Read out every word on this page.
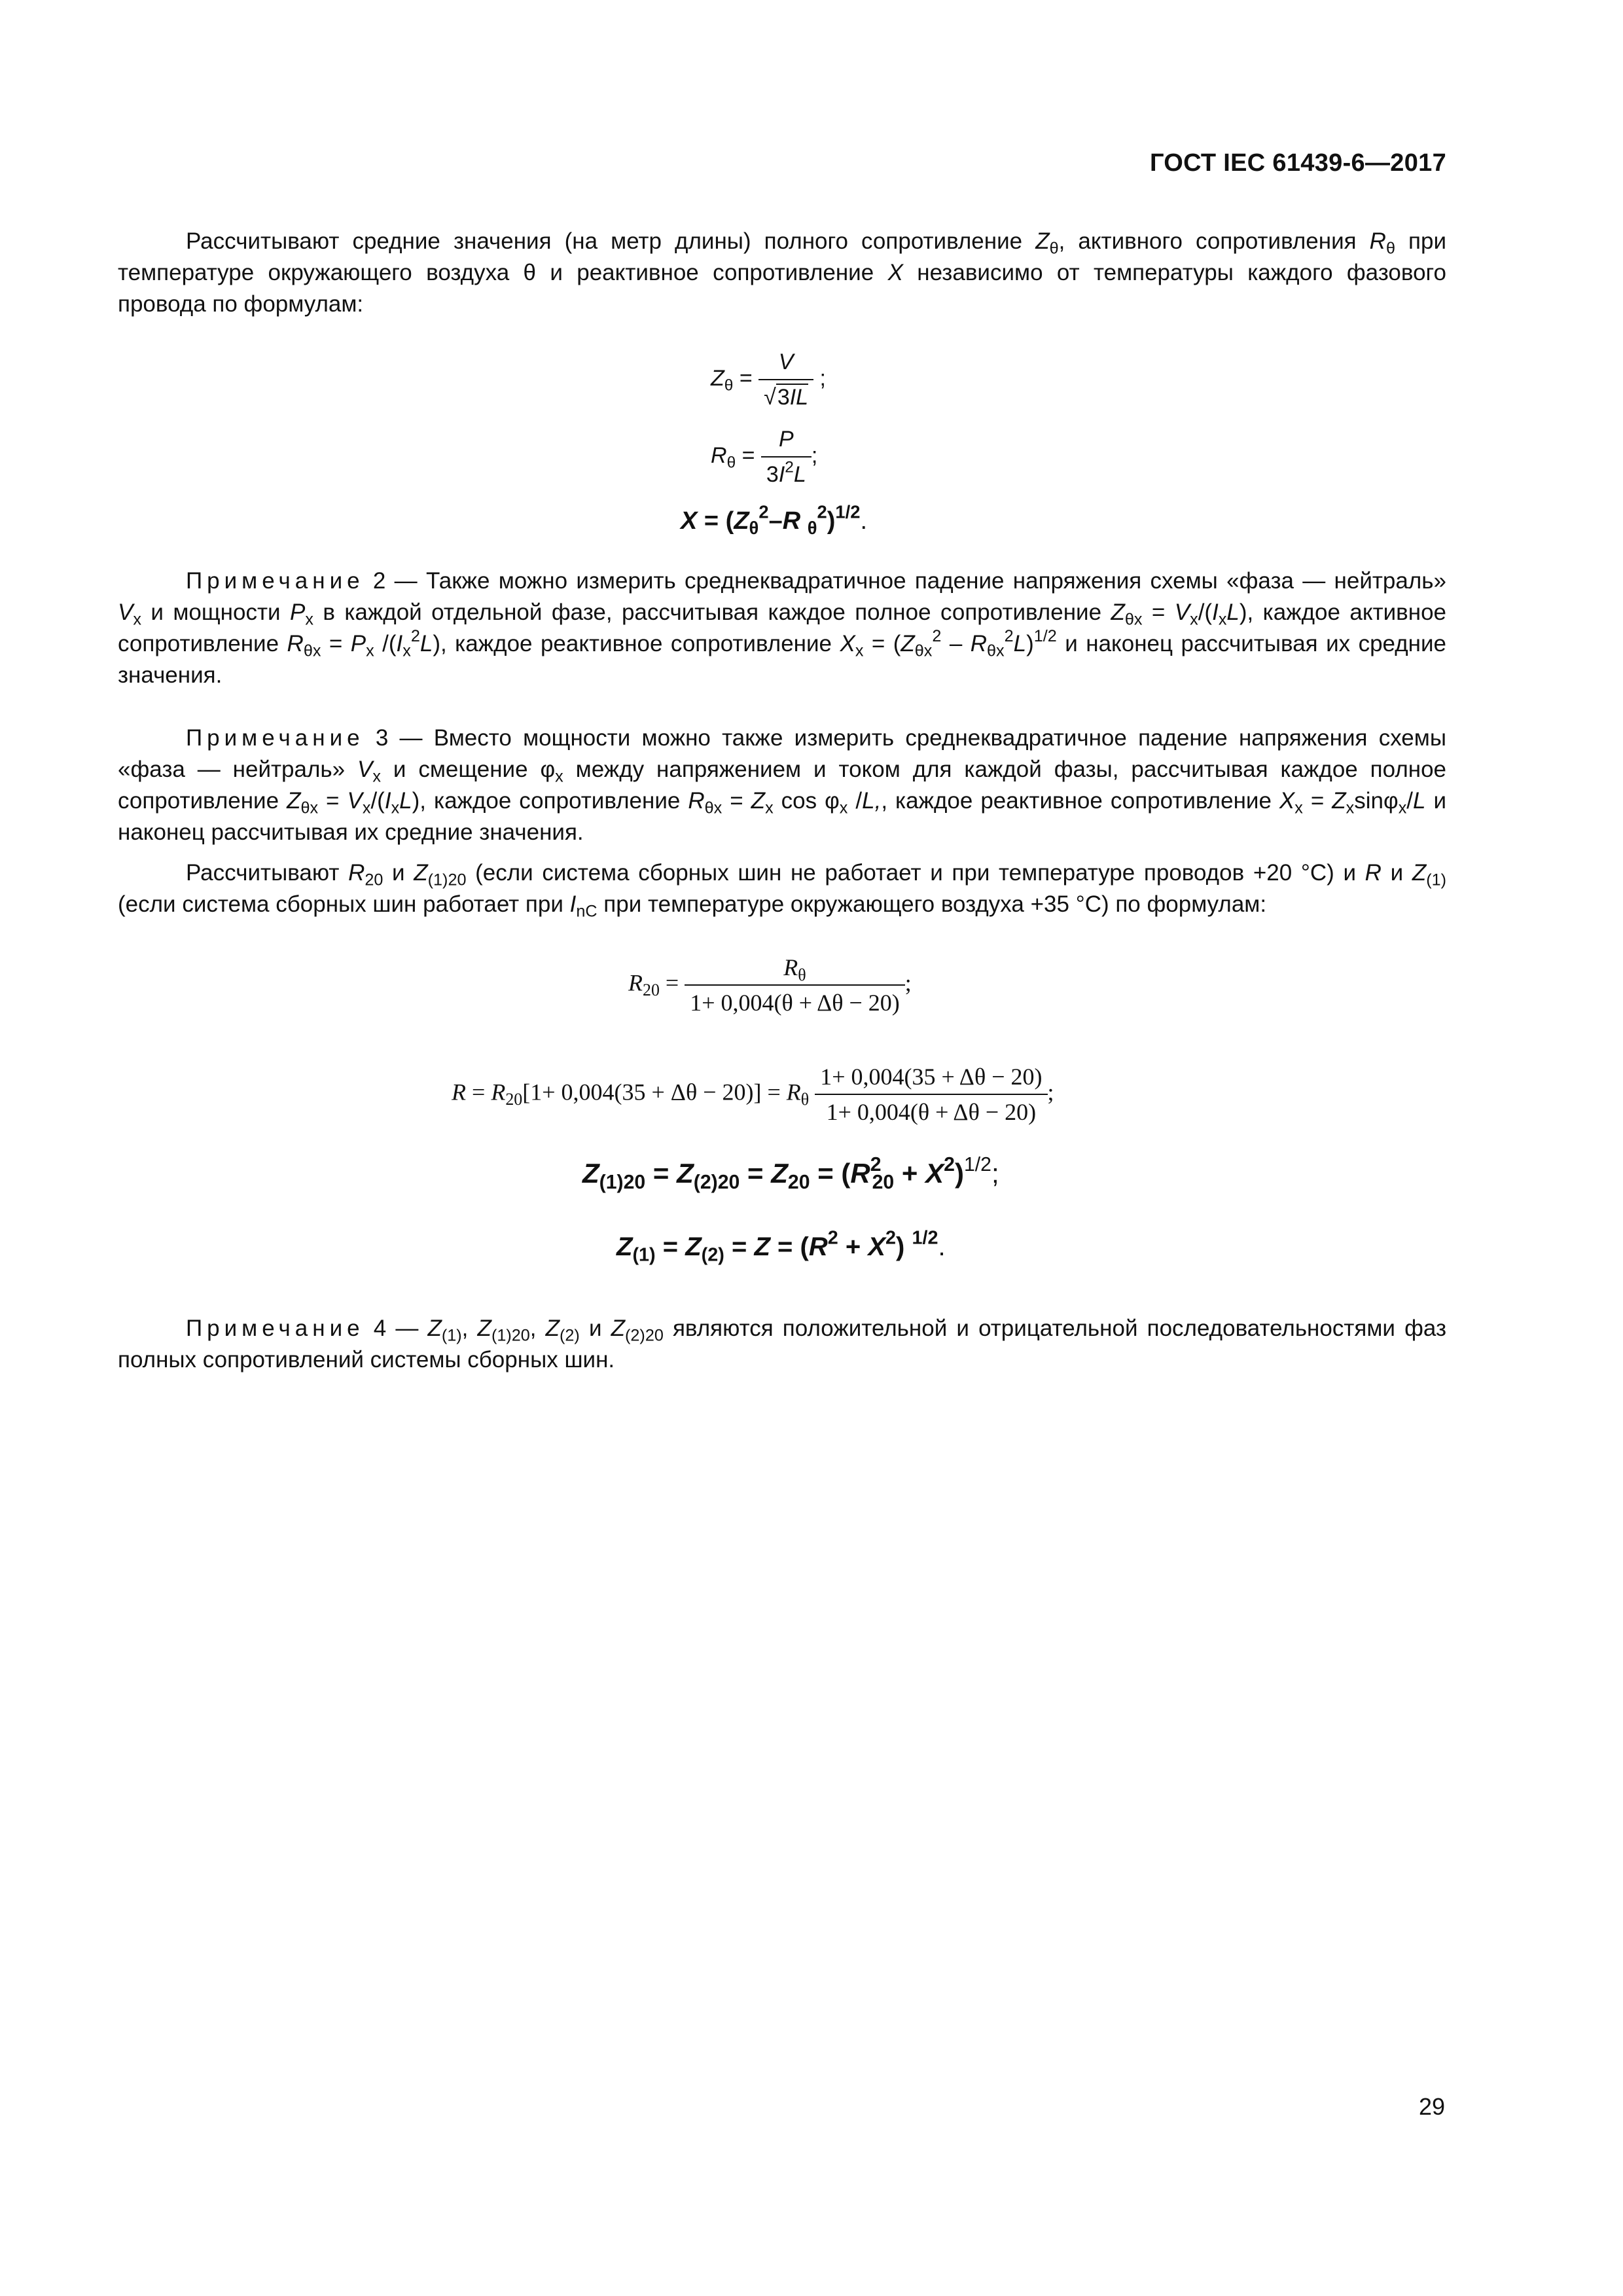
ГОСТ IEC 61439-6—2017

Рассчитывают средние значения (на метр длины) полного сопротивление $Z_\theta$, активного сопротивления $R_\theta$ при температуре окружающего воздуха θ и реактивное сопротивление X независимо от температуры каждого фазового провода по формулам:

$Z_\theta = \frac{V}{√3IL}$ ;
$R_\theta = \frac{P}{3I^2L}$ ;
$X = (Z_\theta^2-R$ $_\theta^2$)$^{1/2}$.

Примечание 2 — Также можно измерить среднеквадратичное падение напряжения схемы «фаза — нейтраль» $V_x$ и мощности $P_x$ в каждой отдельной фазе, рассчитывая каждое полное сопротивление $Z_{\theta x} = V_x/(I_xL)$, каждое активное сопротивление $R_{\theta x} = P_x$ $/(I_x^2L)$, каждое реактивное сопротивление $X_x = (Z_{\theta x}^2 - R_{\theta x}^2L)^{1/2}$ и наконец рассчитывая их средние значения.

Примечание 3 — Вместо мощности можно также измерить среднеквадратичное падение напряжения схемы «фаза — нейтраль» $V_x$ и смещение $\varphi_x$ между напряжением и током для каждой фазы, рассчитывая каждое полное сопротивление $Z_{\theta x} = V_x/(I_xL)$, каждое сопротивление $R_{\theta x} = Z_x$ $\cos \varphi_x$ /L,, каждое реактивное сопротивление $X_x = Z_x\sin\varphi_x/L$ и наконец рассчитывая их средние значения.

Рассчитывают $R_{20}$ и $Z_{(1)20}$ (если система сборных шин не работает и при температуре проводов +20 °C) и R и $Z_{(1)}$ (если система сборных шин работает при $I_{nC}$ при температуре окружающего воздуха +35 °C) по формулам:

$R_{20} = \frac{R_\theta}{1+ 0,004(\theta + \Delta\theta - 20)}$ ;
$R = R_{20}[1+ 0,004(35 + \Delta\theta - 20)] = R_\theta \frac{1+ 0,004(35 + \Delta\theta - 20)}{1+ 0,004(\theta + \Delta\theta - 20)}$ ;
$Z_{(1)20} = Z_{(2)20} = Z_{20} = (R^2_{20} + X^2)^{1/2}$;
$Z_{(1)} = Z_{(2)} = Z = (R^2 + X^2)$ $^{1/2}$.

Примечание 4 — $Z_{(1)}$, $Z_{(1)20}$, $Z_{(2)}$ и $Z_{(2)20}$ являются положительной и отрицательной последовательностями фаз полных сопротивлений системы сборных шин.

29
